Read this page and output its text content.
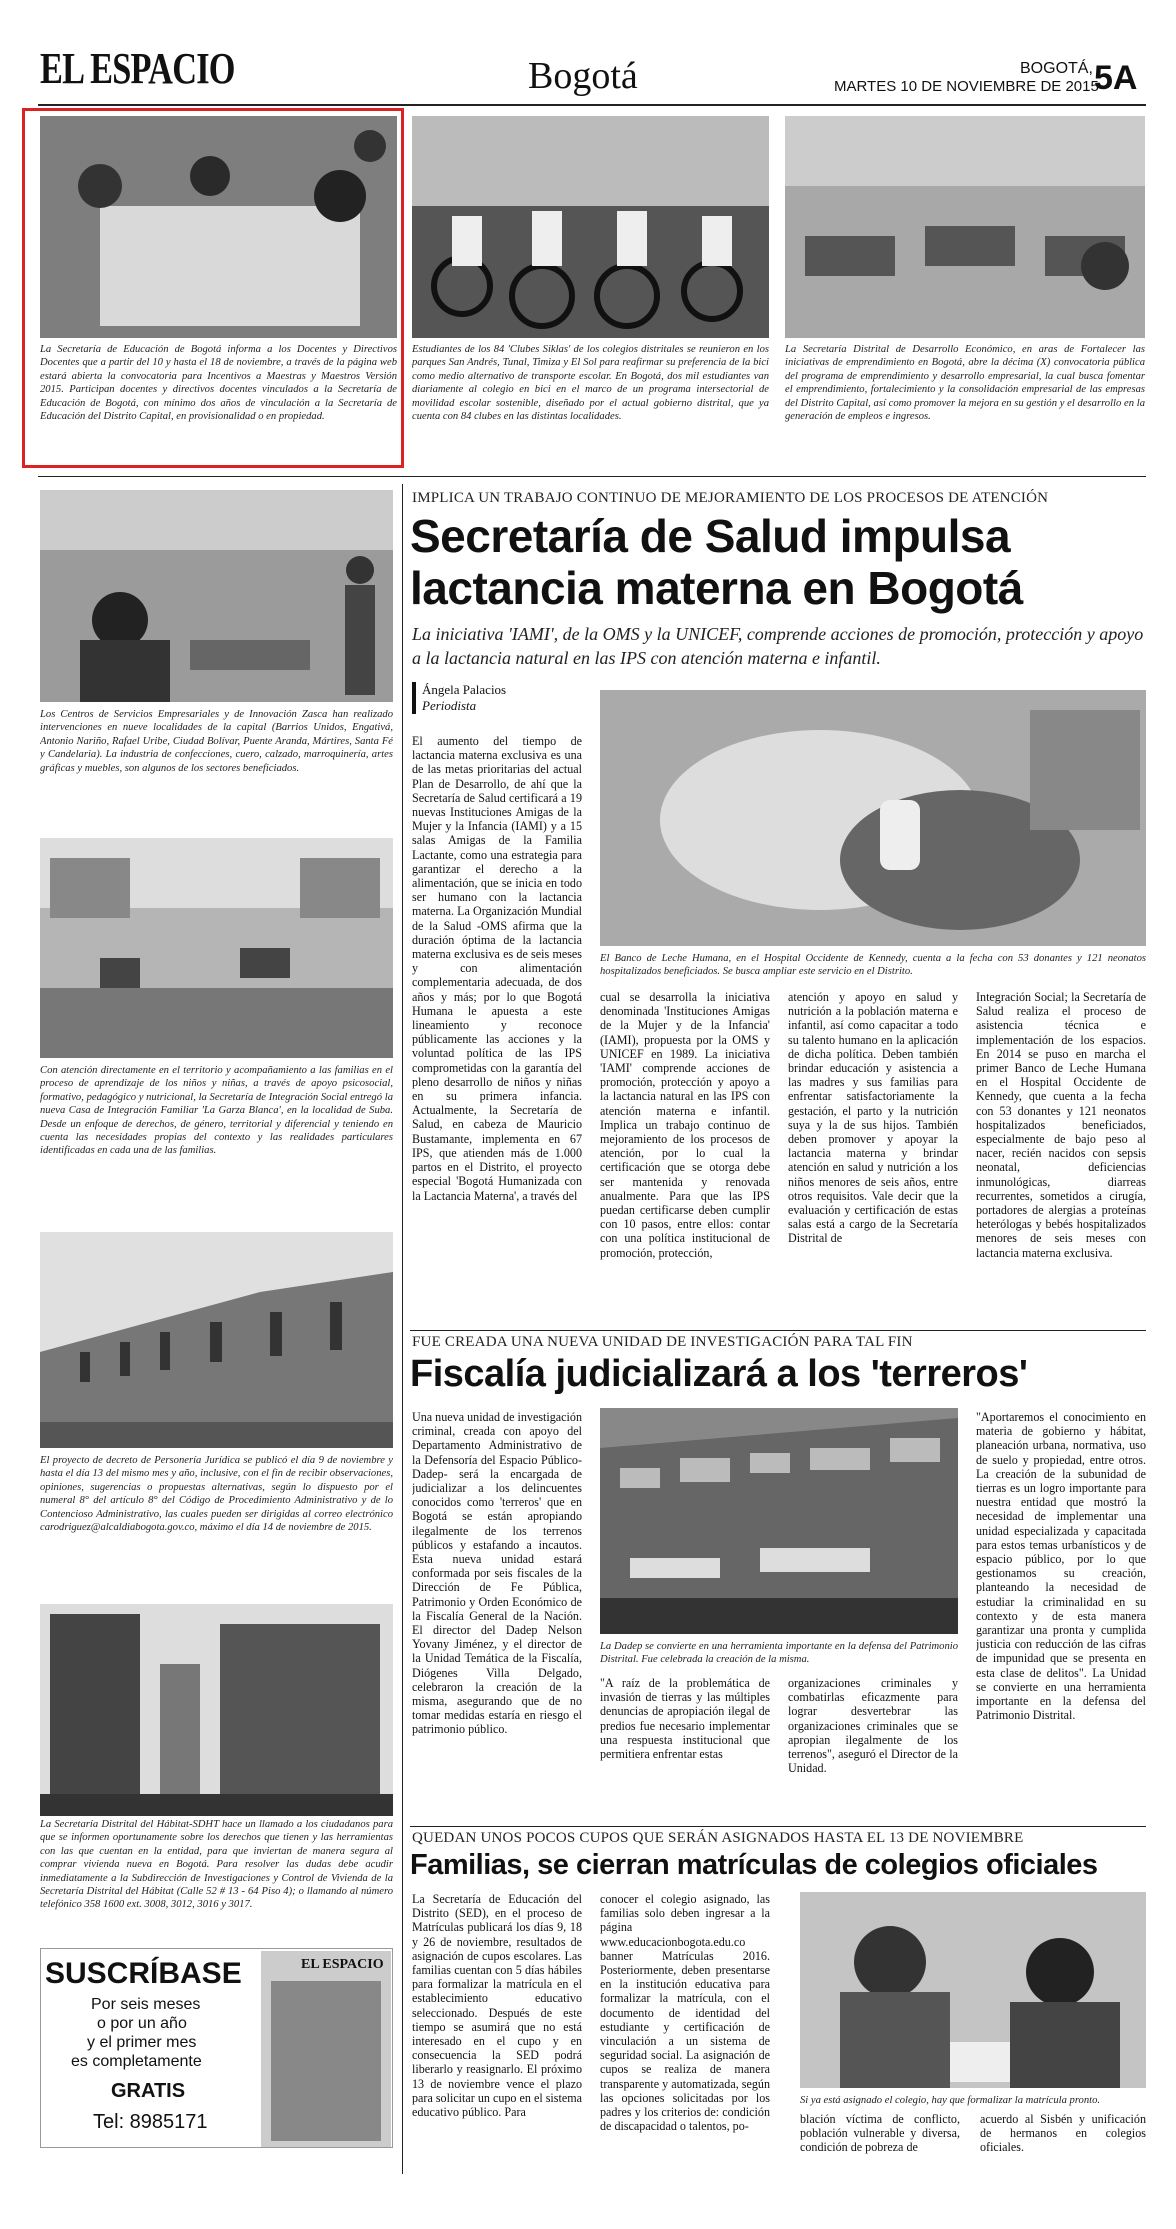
EL ESPACIO	Bogotá	BOGOTÁ,
MARTES 10 DE NOVIEMBRE DE 2015
5A
La Secretaría de Educación de Bogotá informa a los Docentes y Directivos Docentes que a partir del 10 y hasta el 18 de noviembre, a través de la página web estará abierta la convocatoria para Incentivos a Maestras y Maestros Versión 2015. Participan docentes y directivos docentes vinculados a la Secretaría de Educación de Bogotá, con mínimo dos años de vinculación a la Secretaría de Educación del Distrito Capital, en provisionalidad o en propiedad.
Estudiantes de los 84 'Clubes Siklas' de los colegios distritales se reunieron en los parques San Andrés, Tunal, Timiza y El Sol para reafirmar su preferencia de la bici como medio alternativo de transporte escolar. En Bogotá, dos mil estudiantes van diariamente al colegio en bici en el marco de un programa intersectorial de movilidad escolar sostenible, diseñado por el actual gobierno distrital, que ya cuenta con 84 clubes en las distintas localidades.
La Secretaría Distrital de Desarrollo Económico, en aras de Fortalecer las iniciativas de emprendimiento en Bogotá, abre la décima (X) convocatoria pública del programa de emprendimiento y desarrollo empresarial, la cual busca fomentar el emprendimiento, fortalecimiento y la consolidación empresarial de las empresas del Distrito Capital, así como promover la mejora en su gestión y el desarrollo en la generación de empleos e ingresos.
Los Centros de Servicios Empresariales y de Innovación Zasca han realizado intervenciones en nueve localidades de la capital (Barrios Unidos, Engativá, Antonio Nariño, Rafael Uribe, Ciudad Bolívar, Puente Aranda, Mártires, Santa Fé y Candelaria). La industria de confecciones, cuero, calzado, marroquinería, artes gráficas y muebles, son algunos de los sectores beneficiados.
Con atención directamente en el territorio y acompañamiento a las familias en el proceso de aprendizaje de los niños y niñas, a través de apoyo psicosocial, formativo, pedagógico y nutricional, la Secretaría de Integración Social entregó la nueva Casa de Integración Familiar 'La Garza Blanca', en la localidad de Suba. Desde un enfoque de derechos, de género, territorial y diferencial y teniendo en cuenta las necesidades propias del contexto y las realidades particulares identificadas en cada una de las familias.
El proyecto de decreto de Personería Jurídica se publicó el día 9 de noviembre y hasta el día 13 del mismo mes y año, inclusive, con el fin de recibir observaciones, opiniones, sugerencias o propuestas alternativas, según lo dispuesto por el numeral 8° del artículo 8° del Código de Procedimiento Administrativo y de lo Contencioso Administrativo, las cuales pueden ser dirigidas al correo electrónico carodriguez@alcaldiabogota.gov.co, máximo el día 14 de noviembre de 2015.
La Secretaría Distrital del Hábitat-SDHT hace un llamado a los ciudadanos para que se informen oportunamente sobre los derechos que tienen y las herramientas con las que cuentan en la entidad, para que inviertan de manera segura al comprar vivienda nueva en Bogotá. Para resolver las dudas debe acudir inmediatamente a la Subdirección de Investigaciones y Control de Vivienda de la Secretaría Distrital del Hábitat (Calle 52 # 13 - 64 Piso 4); o llamando al número telefónico 358 1600 ext. 3008, 3012, 3016 y 3017.
SUSCRÍBASE
Por seis meses
o por un año
y el primer mes
es completamente
GRATIS
Tel: 8985171
EL ESPACIO
IMPLICA UN TRABAJO CONTINUO DE MEJORAMIENTO DE LOS PROCESOS DE ATENCIÓN
Secretaría de Salud impulsa
lactancia materna en Bogotá
La iniciativa 'IAMI', de la OMS y la UNICEF, comprende acciones de promoción, protección y apoyo a la lactancia natural en las IPS con atención materna e infantil.
Ángela Palacios
Periodista
El aumento del tiempo de lactancia materna exclusiva es una de las metas prioritarias del actual Plan de Desarrollo, de ahí que la Secretaría de Salud certificará a 19 nuevas Instituciones Amigas de la Mujer y la Infancia (IAMI) y a 15 salas Amigas de la Familia Lactante, como una estrategia para garantizar el derecho a la alimentación, que se inicia en todo ser humano con la lactancia materna. La Organización Mundial de la Salud -OMS afirma que la duración óptima de la lactancia materna exclusiva es de seis meses y con alimentación complementaria adecuada, de dos años y más; por lo que Bogotá Humana le apuesta a este lineamiento y reconoce públicamente las acciones y la voluntad política de las IPS comprometidas con la garantía del pleno desarrollo de niños y niñas en su primera infancia. Actualmente, la Secretaría de Salud, en cabeza de Mauricio Bustamante, implementa en 67 IPS, que atienden más de 1.000 partos en el Distrito, el proyecto especial 'Bogotá Humanizada con la Lactancia Materna', a través del
El Banco de Leche Humana, en el Hospital Occidente de Kennedy, cuenta a la fecha con 53 donantes y 121 neonatos hospitalizados beneficiados. Se busca ampliar este servicio en el Distrito.
cual se desarrolla la iniciativa denominada 'Instituciones Amigas de la Mujer y de la Infancia' (IAMI), propuesta por la OMS y UNICEF en 1989. La iniciativa 'IAMI' comprende acciones de promoción, protección y apoyo a la lactancia natural en las IPS con atención materna e infantil. Implica un trabajo continuo de mejoramiento de los procesos de atención, por lo cual la certificación que se otorga debe ser mantenida y renovada anualmente. Para que las IPS puedan certificarse deben cumplir con 10 pasos, entre ellos: contar con una política institucional de promoción, protección,
atención y apoyo en salud y nutrición a la población materna e infantil, así como capacitar a todo su talento humano en la aplicación de dicha política. Deben también brindar educación y asistencia a las madres y sus familias para enfrentar satisfactoriamente la gestación, el parto y la nutrición suya y la de sus hijos. También deben promover y apoyar la lactancia materna y brindar atención en salud y nutrición a los niños menores de seis años, entre otros requisitos. Vale decir que la evaluación y certificación de estas salas está a cargo de la Secretaría Distrital de
Integración Social; la Secretaría de Salud realiza el proceso de asistencia técnica e implementación de los espacios. En 2014 se puso en marcha el primer Banco de Leche Humana en el Hospital Occidente de Kennedy, que cuenta a la fecha con 53 donantes y 121 neonatos hospitalizados beneficiados, especialmente de bajo peso al nacer, recién nacidos con sepsis neonatal, deficiencias inmunológicas, diarreas recurrentes, sometidos a cirugía, portadores de alergias a proteínas heterólogas y bebés hospitalizados menores de seis meses con lactancia materna exclusiva.
FUE CREADA UNA NUEVA UNIDAD DE INVESTIGACIÓN PARA TAL FIN
Fiscalía judicializará a los 'terreros'
Una nueva unidad de investigación criminal, creada con apoyo del Departamento Administrativo de la Defensoría del Espacio Público-Dadep- será la encargada de judicializar a los delincuentes conocidos como 'terreros' que en Bogotá se están apropiando ilegalmente de los terrenos públicos y estafando a incautos. Esta nueva unidad estará conformada por seis fiscales de la Dirección de Fe Pública, Patrimonio y Orden Económico de la Fiscalía General de la Nación. El director del Dadep Nelson Yovany Jiménez, y el director de la Unidad Temática de la Fiscalía, Diógenes Villa Delgado, celebraron la creación de la misma, asegurando que de no tomar medidas estaría en riesgo el patrimonio público.
La Dadep se convierte en una herramienta importante en la defensa del Patrimonio Distrital. Fue celebrada la creación de la misma.
"A raíz de la problemática de invasión de tierras y las múltiples denuncias de apropiación ilegal de predios fue necesario implementar una respuesta institucional que permitiera enfrentar estas
organizaciones criminales y combatirlas eficazmente para lograr desvertebrar las organizaciones criminales que se apropian ilegalmente de los terrenos", aseguró el Director de la Unidad.
"Aportaremos el conocimiento en materia de gobierno y hábitat, planeación urbana, normativa, uso de suelo y propiedad, entre otros. La creación de la subunidad de tierras es un logro importante para nuestra entidad que mostró la necesidad de implementar una unidad especializada y capacitada para estos temas urbanísticos y de espacio público, por lo que gestionamos su creación, planteando la necesidad de estudiar la criminalidad en su contexto y de esta manera garantizar una pronta y cumplida justicia con reducción de las cifras de impunidad que se presenta en esta clase de delitos". La Unidad se convierte en una herramienta importante en la defensa del Patrimonio Distrital.
QUEDAN UNOS POCOS CUPOS QUE SERÁN ASIGNADOS HASTA EL 13 DE NOVIEMBRE
Familias, se cierran matrículas de colegios oficiales
La Secretaría de Educación del Distrito (SED), en el proceso de Matrículas publicará los días 9, 18 y 26 de noviembre, resultados de asignación de cupos escolares. Las familias cuentan con 5 días hábiles para formalizar la matrícula en el establecimiento educativo seleccionado. Después de este tiempo se asumirá que no está interesado en el cupo y en consecuencia la SED podrá liberarlo y reasignarlo. El próximo 13 de noviembre vence el plazo para solicitar un cupo en el sistema educativo público. Para
conocer el colegio asignado, las familias solo deben ingresar a la página www.educacionbogota.edu.co banner Matrículas 2016. Posteriormente, deben presentarse en la institución educativa para formalizar la matrícula, con el documento de identidad del estudiante y certificación de vinculación a un sistema de seguridad social. La asignación de cupos se realiza de manera transparente y automatizada, según las opciones solicitadas por los padres y los criterios de: condición de discapacidad o talentos, po-
Si ya está asignado el colegio, hay que formalizar la matrícula pronto.
blación víctima de conflicto, población vulnerable y diversa, condición de pobreza de
acuerdo al Sisbén y unificación de hermanos en colegios oficiales.
